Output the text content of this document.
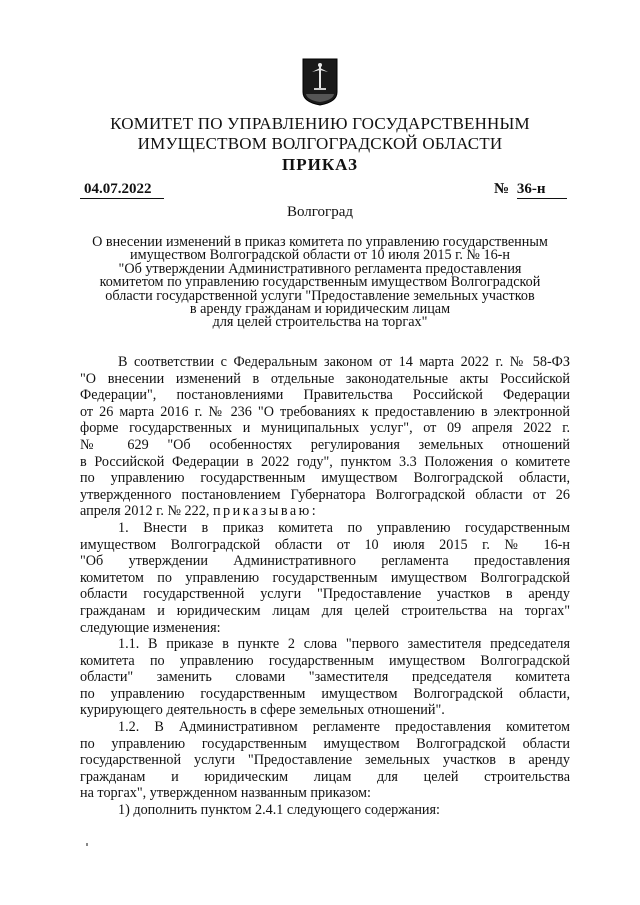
КОМИТЕТ ПО УПРАВЛЕНИЮ ГОСУДАРСТВЕННЫМ
ИМУЩЕСТВОМ ВОЛГОГРАДСКОЙ ОБЛАСТИ
ПРИКАЗ
04.07.2022	№ 36-н
Волгоград
О внесении изменений в приказ комитета по управлению государственным
имуществом Волгоградской области от 10 июля 2015 г. № 16-н
"Об утверждении Административного регламента предоставления
комитетом по управлению государственным имуществом Волгоградской
области государственной услуги "Предоставление земельных участков
в аренду гражданам и юридическим лицам
для целей строительства на торгах"
В соответствии с Федеральным законом от 14 марта 2022 г. № 58-ФЗ
"О внесении изменений в отдельные законодательные акты Российской
Федерации", постановлениями Правительства Российской Федерации
от 26 марта 2016 г. № 236 "О требованиях к предоставлению в электронной
форме государственных и муниципальных услуг", от 09 апреля 2022 г.
№ 629 "Об особенностях регулирования земельных отношений
в Российской Федерации в 2022 году", пунктом 3.3 Положения о комитете
по управлению государственным имуществом Волгоградской области,
утвержденного постановлением Губернатора Волгоградской области от 26
апреля 2012 г. № 222, приказываю:
1. Внести в приказ комитета по управлению государственным
имуществом Волгоградской области от 10 июля 2015 г. № 16-н
"Об утверждении Административного регламента предоставления
комитетом по управлению государственным имуществом Волгоградской
области государственной услуги "Предоставление участков в аренду
гражданам и юридическим лицам для целей строительства на торгах"
следующие изменения:
1.1. В приказе в пункте 2 слова "первого заместителя председателя
комитета по управлению государственным имуществом Волгоградской
области" заменить словами "заместителя председателя комитета
по управлению государственным имуществом Волгоградской области,
курирующего деятельность в сфере земельных отношений".
1.2. В Административном регламенте предоставления комитетом
по управлению государственным имуществом Волгоградской области
государственной услуги "Предоставление земельных участков в аренду
гражданам и юридическим лицам для целей строительства
на торгах", утвержденном названным приказом:
1) дополнить пунктом 2.4.1 следующего содержания:
